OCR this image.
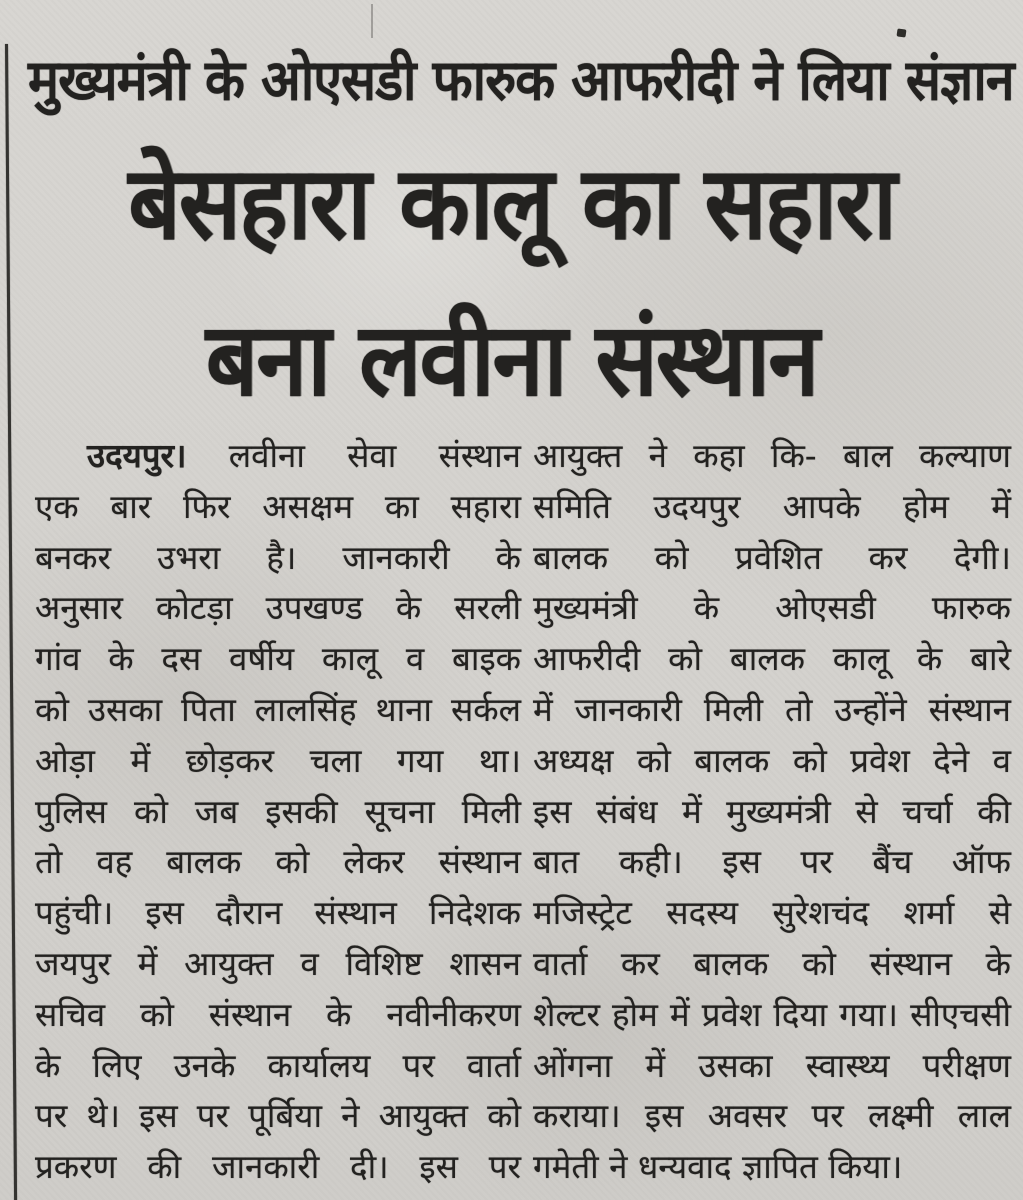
मुख्यमंत्री के ओएसडी फारुक आफरीदी ने लिया संज्ञान
बेसहारा कालू का सहारा
बना लवीना संस्थान
उदयपुर। लवीना सेवा संस्थान
एक बार फिर असक्षम का सहारा
बनकर उभरा है। जानकारी के
अनुसार कोटड़ा उपखण्ड के सरली
गांव के दस वर्षीय कालू व बाइक
को उसका पिता लालसिंह थाना सर्कल
ओड़ा में छोड़कर चला गया था।
पुलिस को जब इसकी सूचना मिली
तो वह बालक को लेकर संस्थान
पहुंची। इस दौरान संस्थान निदेशक
जयपुर में आयुक्त व विशिष्ट शासन
सचिव को संस्थान के नवीनीकरण
के लिए उनके कार्यालय पर वार्ता
पर थे। इस पर पूर्बिया ने आयुक्त को
प्रकरण की जानकारी दी। इस पर
आयुक्त ने कहा कि- बाल कल्याण
समिति उदयपुर आपके होम में
बालक को प्रवेशित कर देगी।
मुख्यमंत्री के ओएसडी फारुक
आफरीदी को बालक कालू के बारे
में जानकारी मिली तो उन्होंने संस्थान
अध्यक्ष को बालक को प्रवेश देने व
इस संबंध में मुख्यमंत्री से चर्चा की
बात कही। इस पर बैंच ऑफ
मजिस्ट्रेट सदस्य सुरेशचंद शर्मा से
वार्ता कर बालक को संस्थान के
शेल्टर होम में प्रवेश दिया गया। सीएचसी
ओंगना में उसका स्वास्थ्य परीक्षण
कराया। इस अवसर पर लक्ष्मी लाल
गमेती ने धन्यवाद ज्ञापित किया।
